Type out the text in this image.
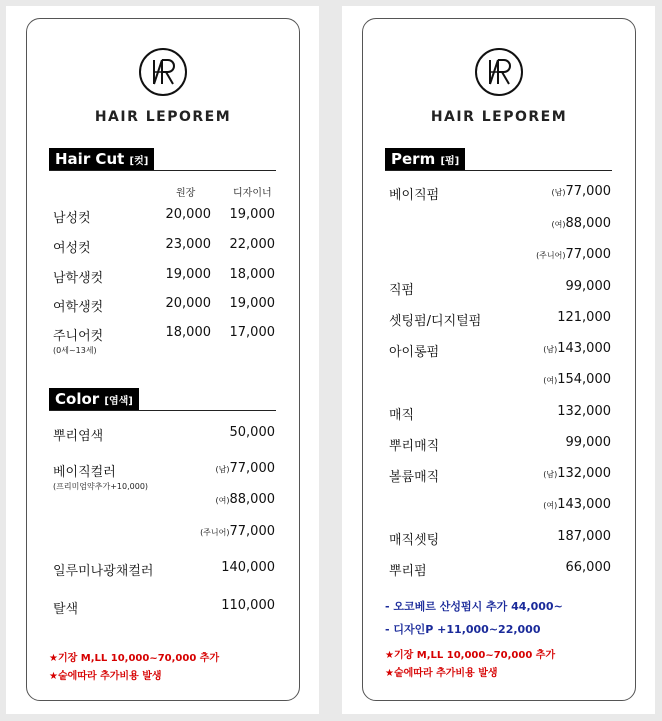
HAIR LEPOREM
Hair Cut [컷]
원장	디자이너
남성컷	20,000 19,000
여성컷	23,000 22,000
남학생컷	19,000 18,000
여학생컷	20,000 19,000
주니어컷	18,000 17,000
(0세~13세)
Color [염색]
뿌리염색	50,000
베이직컬러	(남)77,000
(프리미엄약추가+10,000)
(여)88,000
(주니어)77,000
일루미나광채컬러	140,000
탈색	110,000
★기장 M,LL 10,000~70,000 추가
★숱에따라 추가비용 발생
HAIR LEPOREM
Perm [펌]
베이직펌	(남)77,000
(여)88,000
(주니어)77,000
직펌	99,000
셋팅펌/디지털펌	121,000
아이롱펌	(남)143,000
(여)154,000
매직	132,000
뿌리매직	99,000
볼륨매직	(남)132,000
(여)143,000
매직셋팅	187,000
뿌리펌	66,000
- 오코베르 산성펌시 추가 44,000~
- 디자인P +11,000~22,000
★기장 M,LL 10,000~70,000 추가
★숱에따라 추가비용 발생
